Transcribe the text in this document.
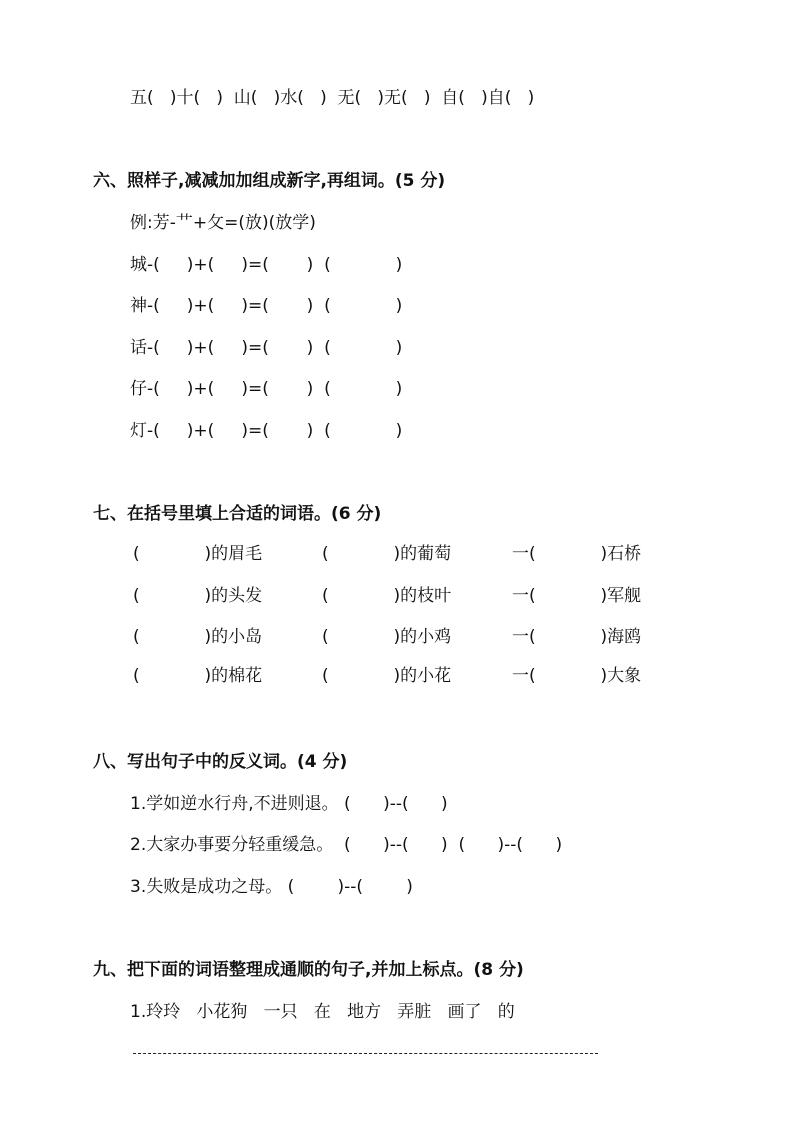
五(   )十(   )  山(   )水(   )  无(   )无(   )  自(   )自(   )
六、照样子,减减加加组成新字,再组词。(5 分)
例:芳-艹+攵=(放)(放学)
城-(     )+(     )=(       )  (            )
神-(     )+(     )=(       )  (            )
话-(     )+(     )=(       )  (            )
仔-(     )+(     )=(       )  (            )
灯-(     )+(     )=(       )  (            )
七、在括号里填上合适的词语。(6 分)
(            )的眉毛	(            )的葡萄	一(            )石桥
(            )的头发	(            )的枝叶	一(            )军舰
(            )的小岛	(            )的小鸡	一(            )海鸥
(            )的棉花	(            )的小花	一(            )大象
八、写出句子中的反义词。(4 分)
1.学如逆水行舟,不进则退。 (      )--(      )
2.大家办事要分轻重缓急。  (      )--(      )  (      )--(      )
3.失败是成功之母。 (        )--(        )
九、把下面的词语整理成通顺的句子,并加上标点。(8 分)
1.玲玲   小花狗   一只   在   地方   弄脏   画了   的
